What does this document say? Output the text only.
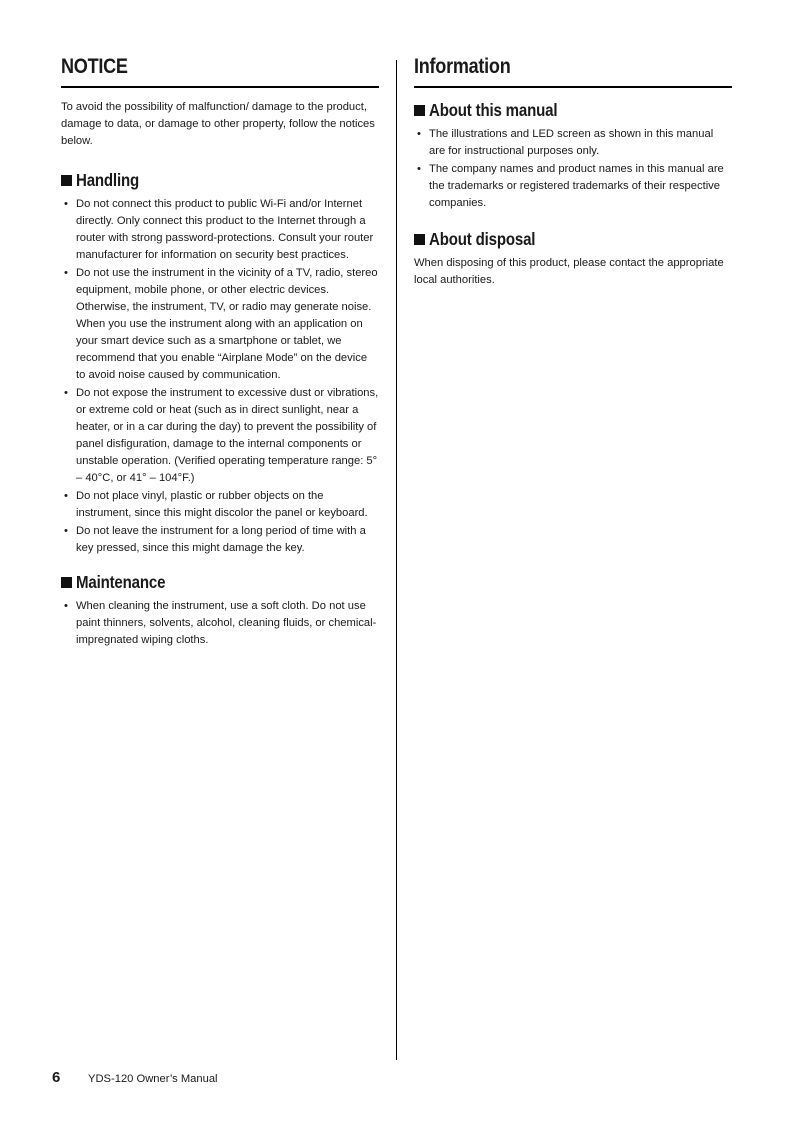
NOTICE

To avoid the possibility of malfunction/ damage to the product, damage to data, or damage to other property, follow the notices below.

Handling
• Do not connect this product to public Wi-Fi and/or Internet directly. Only connect this product to the Internet through a router with strong password-protections. Consult your router manufacturer for information on security best practices.
• Do not use the instrument in the vicinity of a TV, radio, stereo equipment, mobile phone, or other electric devices. Otherwise, the instrument, TV, or radio may generate noise. When you use the instrument along with an application on your smart device such as a smartphone or tablet, we recommend that you enable “Airplane Mode” on the device to avoid noise caused by communication.
• Do not expose the instrument to excessive dust or vibrations, or extreme cold or heat (such as in direct sunlight, near a heater, or in a car during the day) to prevent the possibility of panel disfiguration, damage to the internal components or unstable operation. (Verified operating temperature range: 5° – 40°C, or 41° – 104°F.)
• Do not place vinyl, plastic or rubber objects on the instrument, since this might discolor the panel or keyboard.
• Do not leave the instrument for a long period of time with a key pressed, since this might damage the key.
Maintenance
• When cleaning the instrument, use a soft cloth. Do not use paint thinners, solvents, alcohol, cleaning fluids, or chemical-impregnated wiping cloths.
Information
About this manual
• The illustrations and LED screen as shown in this manual are for instructional purposes only.
• The company names and product names in this manual are the trademarks or registered trademarks of their respective companies.
About disposal

When disposing of this product, please contact the appropriate local authorities.

6	YDS-120 Owner’s Manual
